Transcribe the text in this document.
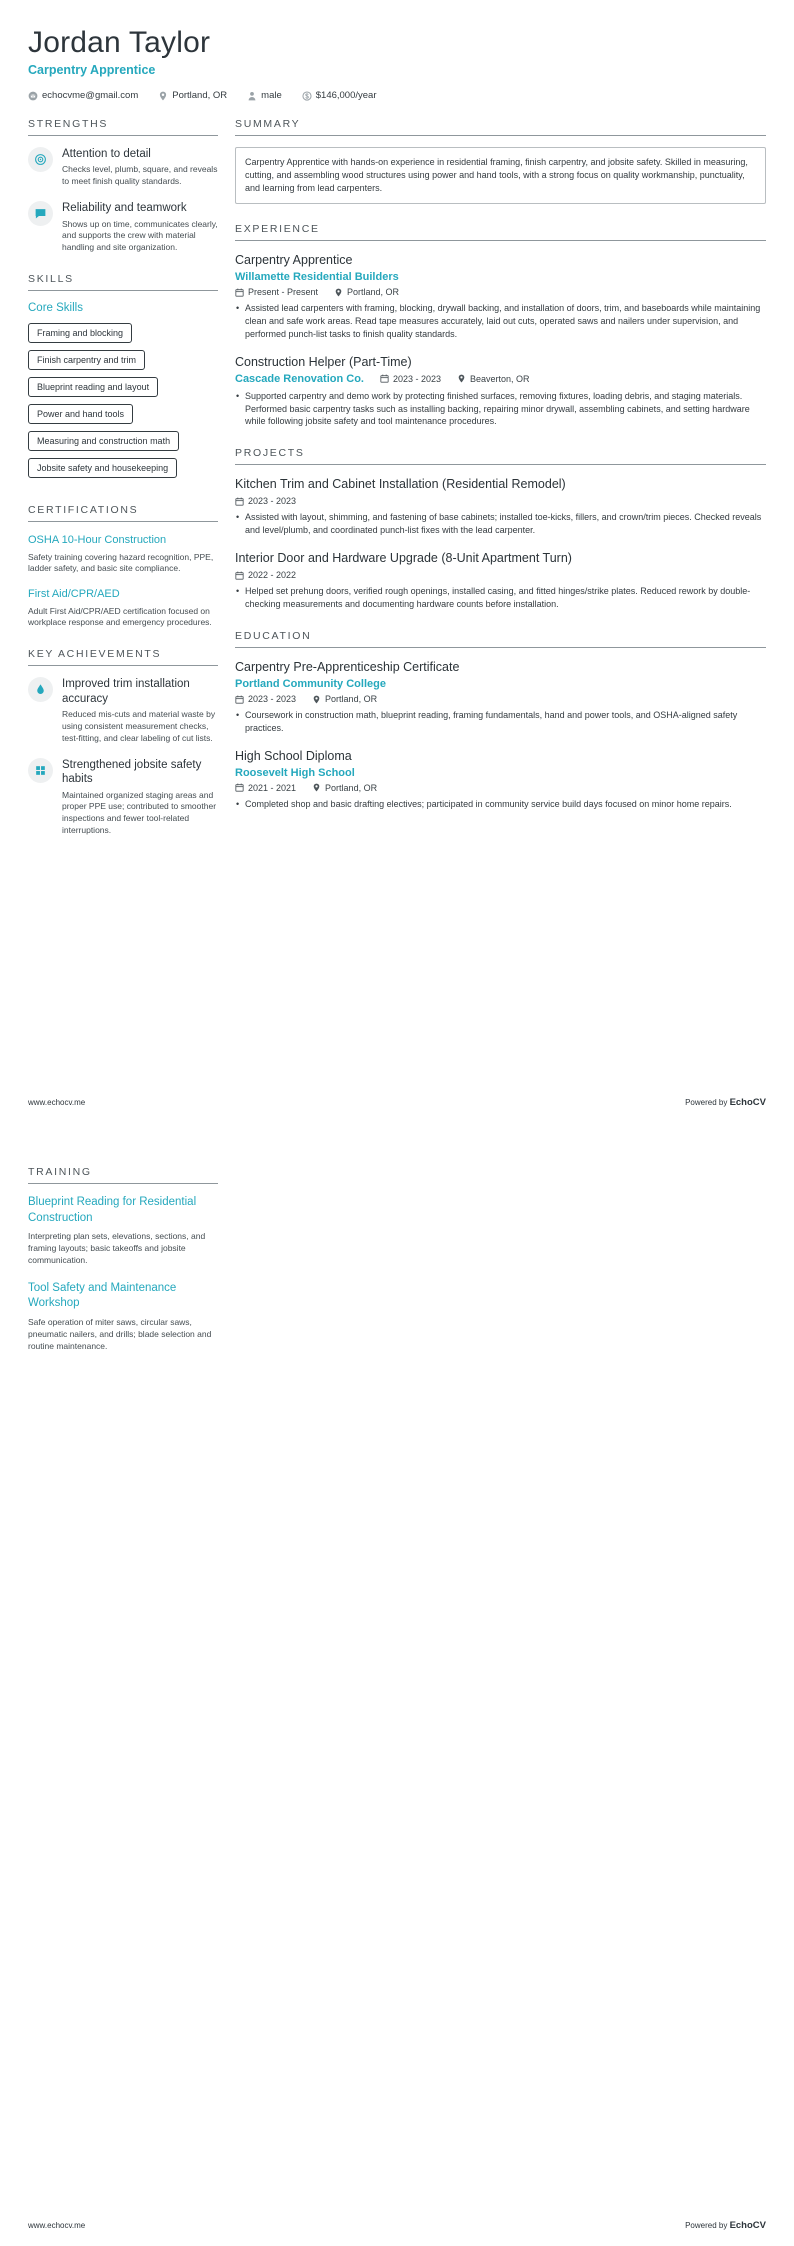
Jordan Taylor
Carpentry Apprentice
echocvme@gmail.com	Portland, OR	male	$146,000/year
STRENGTHS
Attention to detail

Checks level, plumb, square, and reveals to meet finish quality standards.

Reliability and teamwork

Shows up on time, communicates clearly, and supports the crew with material handling and site organization.

SKILLS
Core Skills
Framing and blocking
Finish carpentry and trim
Blueprint reading and layout
Power and hand tools
Measuring and construction math
Jobsite safety and housekeeping
CERTIFICATIONS
OSHA 10-Hour Construction

Safety training covering hazard recognition, PPE, ladder safety, and basic site compliance.

First Aid/CPR/AED

Adult First Aid/CPR/AED certification focused on workplace response and emergency procedures.

KEY ACHIEVEMENTS
Improved trim installation accuracy

Reduced mis-cuts and material waste by using consistent measurement checks, test-fitting, and clear labeling of cut lists.

Strengthened jobsite safety habits

Maintained organized staging areas and proper PPE use; contributed to smoother inspections and fewer tool-related interruptions.

SUMMARY
Carpentry Apprentice with hands-on experience in residential framing, finish carpentry, and jobsite safety. Skilled in measuring, cutting, and assembling wood structures using power and hand tools, with a strong focus on quality workmanship, punctuality, and learning from lead carpenters.
EXPERIENCE
Carpentry Apprentice
Willamette Residential Builders
Present - Present	Portland, OR
• Assisted lead carpenters with framing, blocking, drywall backing, and installation of doors, trim, and baseboards while maintaining clean and safe work areas. Read tape measures accurately, laid out cuts, operated saws and nailers under supervision, and performed punch-list tasks to finish quality standards.
Construction Helper (Part-Time)
Cascade Renovation Co.	2023 - 2023	Beaverton, OR
• Supported carpentry and demo work by protecting finished surfaces, removing fixtures, loading debris, and staging materials. Performed basic carpentry tasks such as installing backing, repairing minor drywall, assembling cabinets, and setting hardware while following jobsite safety and tool maintenance procedures.
PROJECTS
Kitchen Trim and Cabinet Installation (Residential Remodel)
2023 - 2023
• Assisted with layout, shimming, and fastening of base cabinets; installed toe-kicks, fillers, and crown/trim pieces. Checked reveals and level/plumb, and coordinated punch-list fixes with the lead carpenter.
Interior Door and Hardware Upgrade (8-Unit Apartment Turn)
2022 - 2022
• Helped set prehung doors, verified rough openings, installed casing, and fitted hinges/strike plates. Reduced rework by double-checking measurements and documenting hardware counts before installation.
EDUCATION
Carpentry Pre-Apprenticeship Certificate
Portland Community College
2023 - 2023	Portland, OR
• Coursework in construction math, blueprint reading, framing fundamentals, hand and power tools, and OSHA-aligned safety practices.
High School Diploma
Roosevelt High School
2021 - 2021	Portland, OR
• Completed shop and basic drafting electives; participated in community service build days focused on minor home repairs.
www.echocv.me	Powered by EchoCV
TRAINING
Blueprint Reading for Residential Construction

Interpreting plan sets, elevations, sections, and framing layouts; basic takeoffs and jobsite communication.

Tool Safety and Maintenance Workshop

Safe operation of miter saws, circular saws, pneumatic nailers, and drills; blade selection and routine maintenance.

www.echocv.me	Powered by EchoCV
